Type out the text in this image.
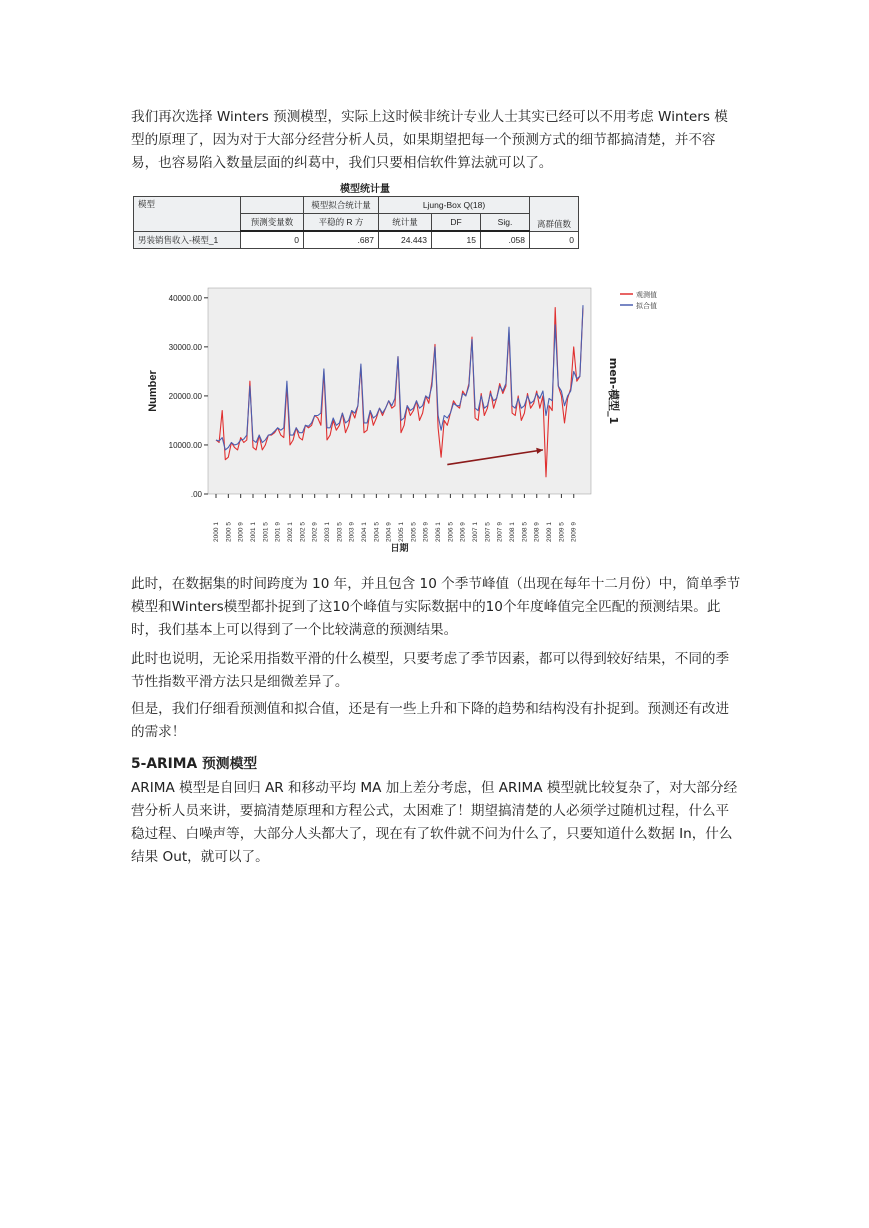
我们再次选择 Winters 预测模型，实际上这时候非统计专业人士其实已经可以不用考虑 Winters 模型的原理了，因为对于大部分经营分析人员，如果期望把每一个预测方式的细节都搞清楚，并不容易，也容易陷入数量层面的纠葛中，我们只要相信软件算法就可以了。

模型统计量
模型		模型拟合统计量	Ljung-Box Q(18)			离群值数
	预测变量数	平稳的 R 方	统计量	DF	Sig.	
男装销售收入-模型_1	0	.687	24.443	15	.058	0
.00
10000.00
20000.00
30000.00
40000.00
Number
2000 1 2000 5 2000 9 2001 1 2001 5 2001 9 2002 1 2002 5 2002 9 2003 1 2003 5 2003 9 2004 1 2004 5 2004 9 2005 1 2005 5 2005 9 2006 1 2006 5 2006 9 2007 1 2007 5 2007 9 2008 1 2008 5 2008 9 2009 1 2009 5 2009 9
日期
men-模型_1
观测值
拟合值

此时，在数据集的时间跨度为 10 年，并且包含 10 个季节峰值（出现在每年十二月份）中，简单季节模型和Winters模型都扑捉到了这10个峰值与实际数据中的10个年度峰值完全匹配的预测结果。此时，我们基本上可以得到了一个比较满意的预测结果。

此时也说明，无论采用指数平滑的什么模型，只要考虑了季节因素，都可以得到较好结果，不同的季节性指数平滑方法只是细微差异了。

但是，我们仔细看预测值和拟合值，还是有一些上升和下降的趋势和结构没有扑捉到。预测还有改进的需求！

5-ARIMA 预测模型

ARIMA 模型是自回归 AR 和移动平均 MA 加上差分考虑，但 ARIMA 模型就比较复杂了，对大部分经营分析人员来讲，要搞清楚原理和方程公式，太困难了！期望搞清楚的人必须学过随机过程，什么平稳过程、白噪声等，大部分人头都大了，现在有了软件就不问为什么了，只要知道什么数据 In，什么结果 Out，就可以了。
